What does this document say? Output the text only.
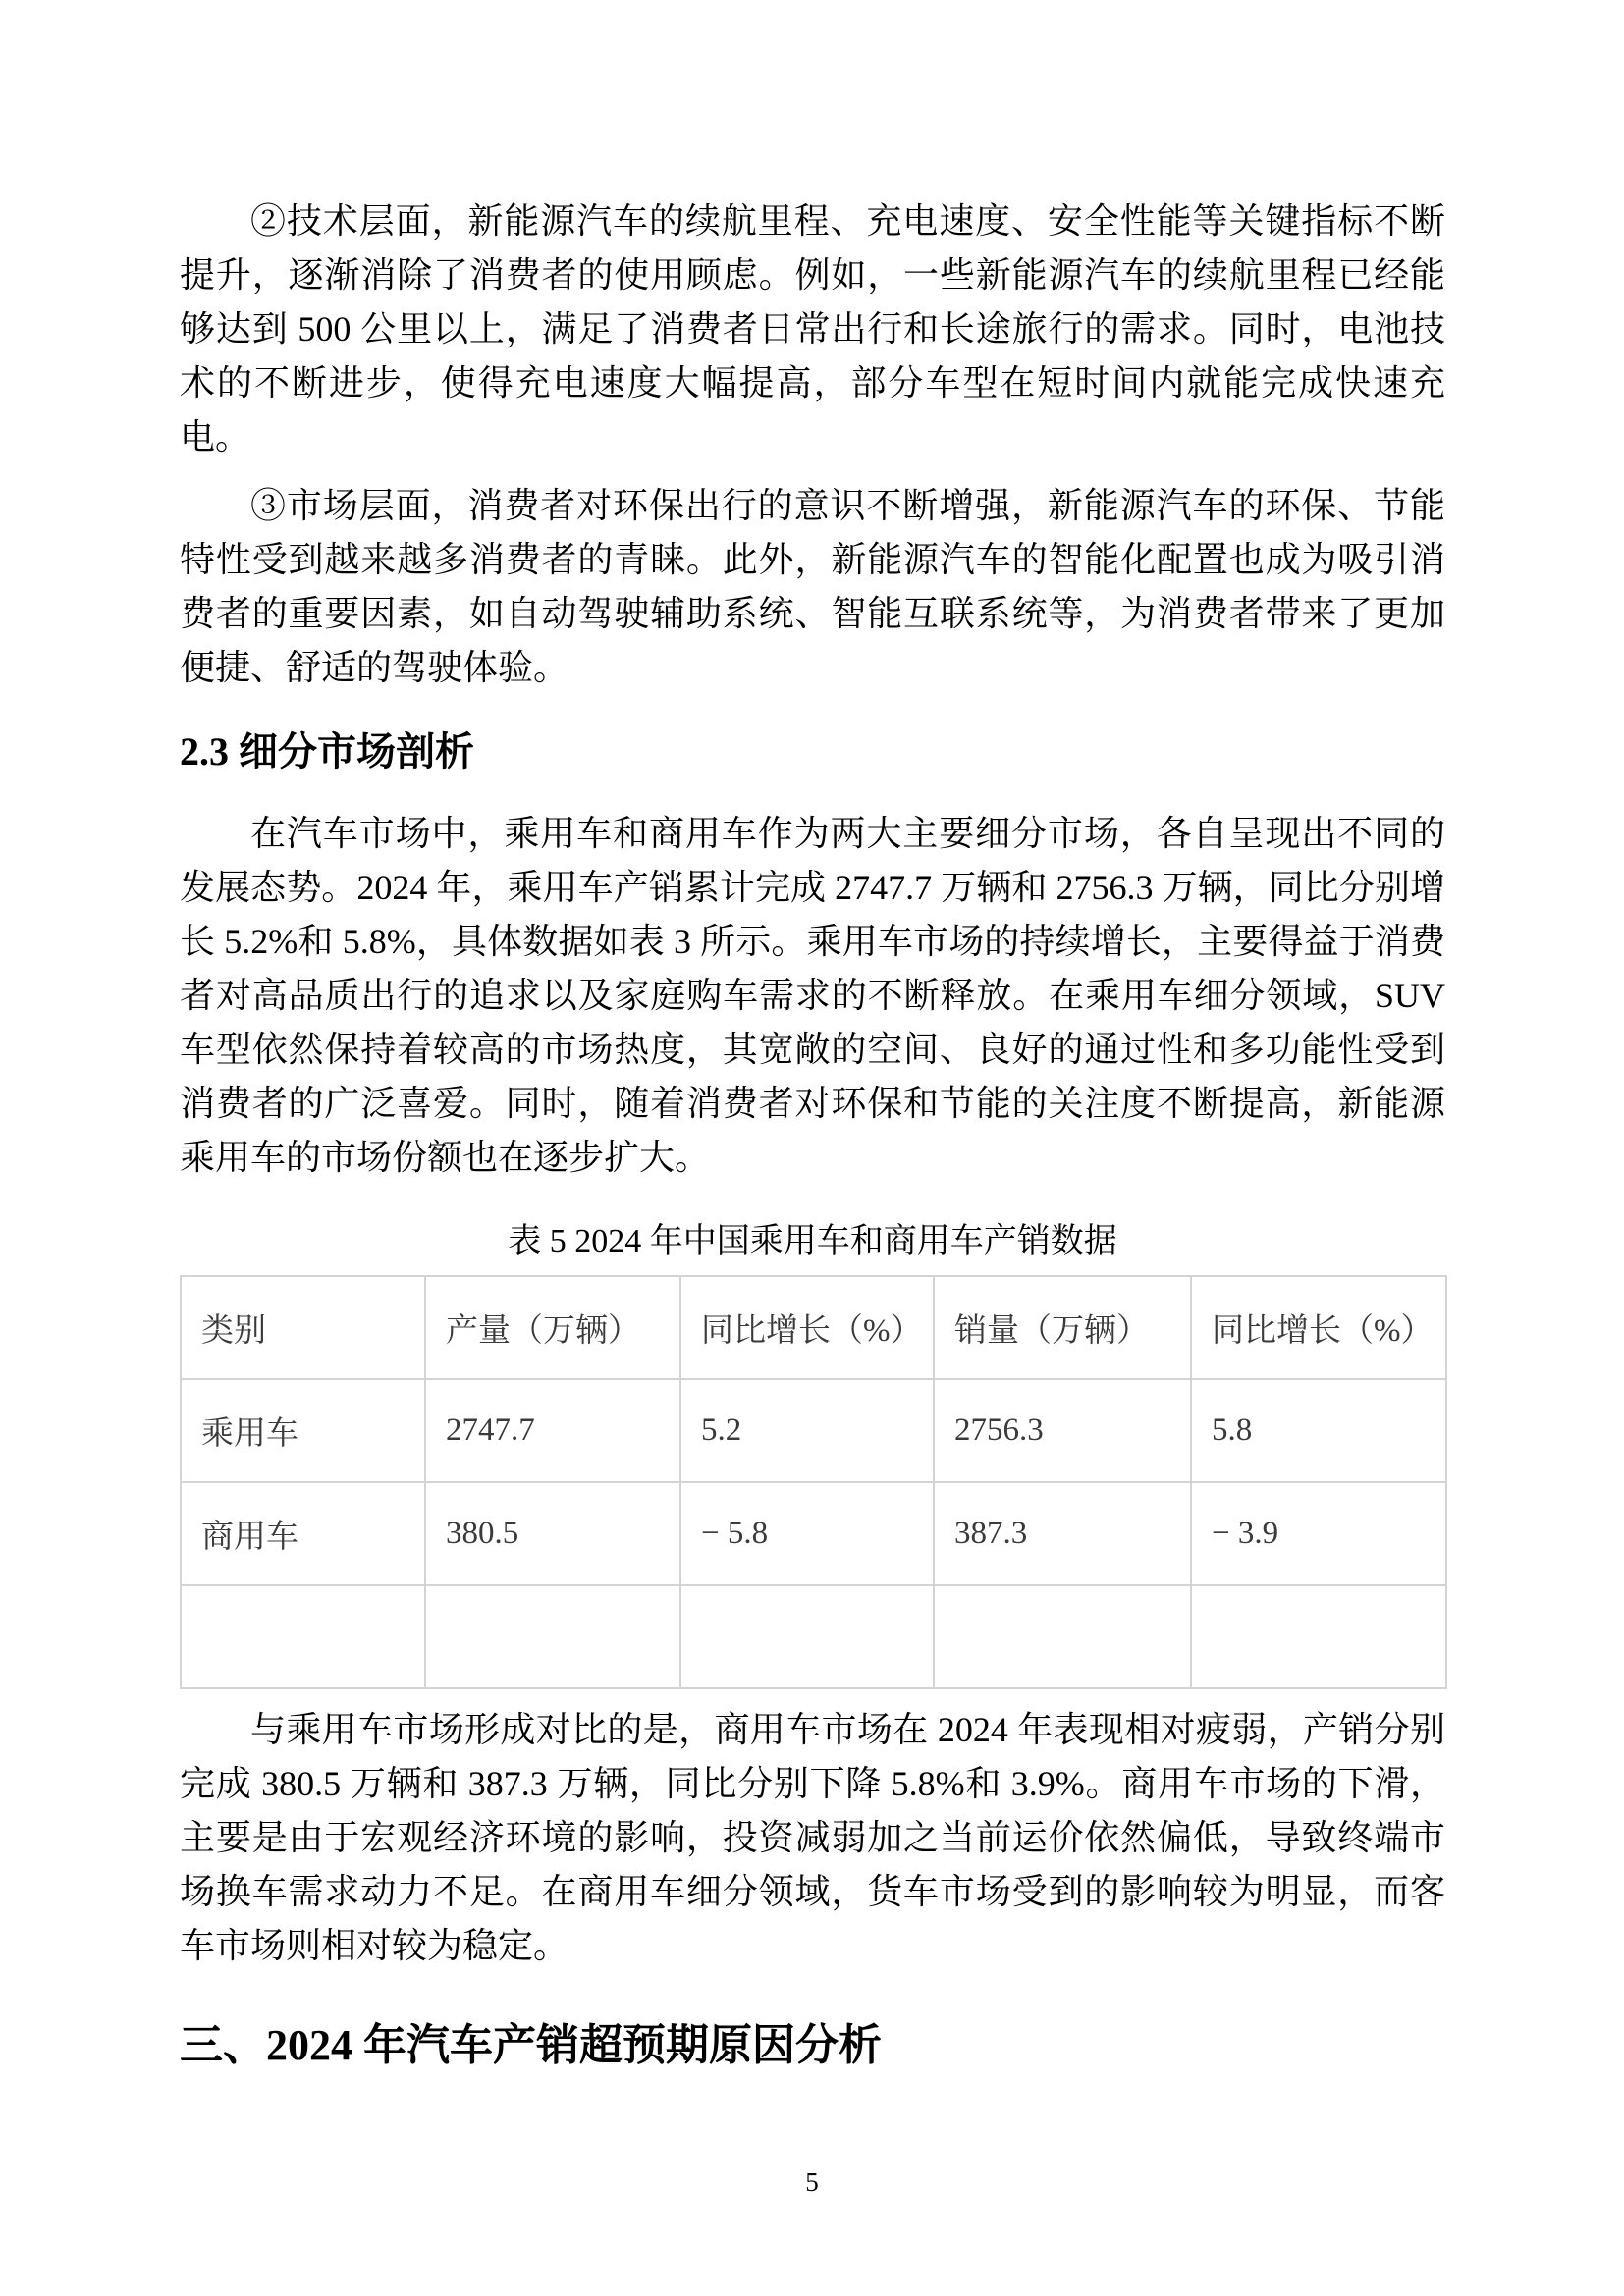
②技术层面，新能源汽车的续航里程、充电速度、安全性能等关键指标不断提升，逐渐消除了消费者的使用顾虑。例如，一些新能源汽车的续航里程已经能够达到 500 公里以上，满足了消费者日常出行和长途旅行的需求。同时，电池技术的不断进步，使得充电速度大幅提高，部分车型在短时间内就能完成快速充电。

③市场层面，消费者对环保出行的意识不断增强，新能源汽车的环保、节能特性受到越来越多消费者的青睐。此外，新能源汽车的智能化配置也成为吸引消费者的重要因素，如自动驾驶辅助系统、智能互联系统等，为消费者带来了更加便捷、舒适的驾驶体验。

2.3 细分市场剖析

在汽车市场中，乘用车和商用车作为两大主要细分市场，各自呈现出不同的发展态势。2024 年，乘用车产销累计完成 2747.7 万辆和 2756.3 万辆，同比分别增长 5.2%和 5.8%，具体数据如表 3 所示。乘用车市场的持续增长，主要得益于消费者对高品质出行的追求以及家庭购车需求的不断释放。在乘用车细分领域，SUV 车型依然保持着较高的市场热度，其宽敞的空间、良好的通过性和多功能性受到消费者的广泛喜爱。同时，随着消费者对环保和节能的关注度不断提高，新能源乘用车的市场份额也在逐步扩大。

表 5 2024 年中国乘用车和商用车产销数据
类别	产量（万辆）	同比增长（%）	销量（万辆）	同比增长（%）
乘用车	2747.7	5.2	2756.3	5.8
商用车	380.5	− 5.8	387.3	− 3.9

与乘用车市场形成对比的是，商用车市场在 2024 年表现相对疲弱，产销分别完成 380.5 万辆和 387.3 万辆，同比分别下降 5.8%和 3.9%。商用车市场的下滑，主要是由于宏观经济环境的影响，投资减弱加之当前运价依然偏低，导致终端市场换车需求动力不足。在商用车细分领域，货车市场受到的影响较为明显，而客车市场则相对较为稳定。

三、2024 年汽车产销超预期原因分析
5
